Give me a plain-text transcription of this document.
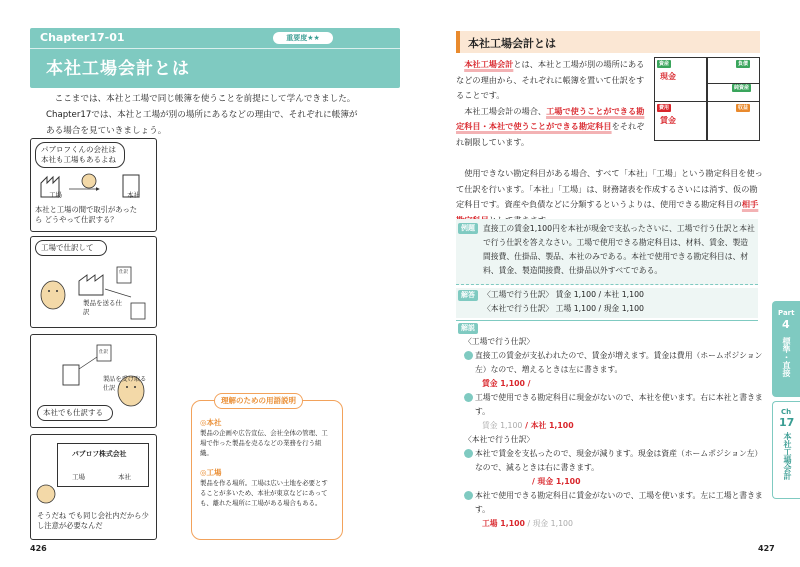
Chapter17-01	重要度★★
本社工場会計とは
ここまでは、本社と工場で同じ帳簿を使うことを前提にして学んできました。Chapter17では、本社と工場が別の場所にあるなどの理由で、それぞれに帳簿がある場合を見ていきましょう。
パブロフくんの会社は本社も工場もあるよね
工場	本社
本社と工場の間で取引があったら どうやって仕訳する？
工場で仕訳して
仕訳
製品を送る仕訳
仕訳
製品を受け取る仕訳
本社でも仕訳する
パブロフ株式会社
工場	本社
そうだね でも同じ会社内だから少し注意が必要なんだ
理解のための用語説明
◎本社
製品の企画や広告宣伝、会社全体の管理、工場で作った製品を売るなどの業務を行う組織。
◎工場
製品を作る場所。工場は広い土地を必要とすることが多いため、本社が東京などにあっても、離れた場所に工場がある場合もある。
426
本社工場会計とは
本社工場会計とは、本社と工場が別の場所にあるなどの理由から、それぞれに帳簿を置いて仕訳をすることです。
本社工場会計の場合、工場で使うことができる勘定科目・本社で使うことができる勘定科目をそれぞれ制限しています。
資産	負債
純資産
費用	収益
現金
賃金
使用できない勘定科目がある場合、すべて「本社」「工場」という勘定科目を使って仕訳を行います。「本社」「工場」は、財務諸表を作成するさいには消す、仮の勘定科目です。資産や負債などに分類するというよりは、使用できる勘定科目の相手
例題	直接工の賃金1,100円を本社が現金で支払ったさいに、工場で行う仕訳と本社で行う仕訳を答えなさい。工場で使用できる勘定科目は、材料、賃金、製造間接費、仕掛品、製品、本社のみである。本社で使用できる勘定科目は、材料、賃金、製造間接費、仕掛品以外すべてである。
解答	〈工場で行う仕訳〉 賃金 1,100 / 本社 1,100
〈本社で行う仕訳〉 工場 1,100 / 現金 1,100
解説
〈工場で行う仕訳〉
1 直接工の賃金が支払われたので、賃金が増えます。賃金は費用（ホームポジション左）なので、増えるときは左に書きます。
賃金 1,100 /
2 工場で使用できる勘定科目に現金がないので、本社を使います。右に本社と書きます。
賃金 1,100 / 本社 1,100
〈本社で行う仕訳〉
1 本社で賃金を支払ったので、現金が減ります。現金は資産（ホームポジション左）なので、減るときは右に書きます。
/ 現金 1,100
2 本社で使用できる勘定科目に賃金がないので、工場を使います。左に工場と書きます。
工場 1,100 / 現金 1,100
Part
4
標準・直接
Ch
17
本社工場会計
427
